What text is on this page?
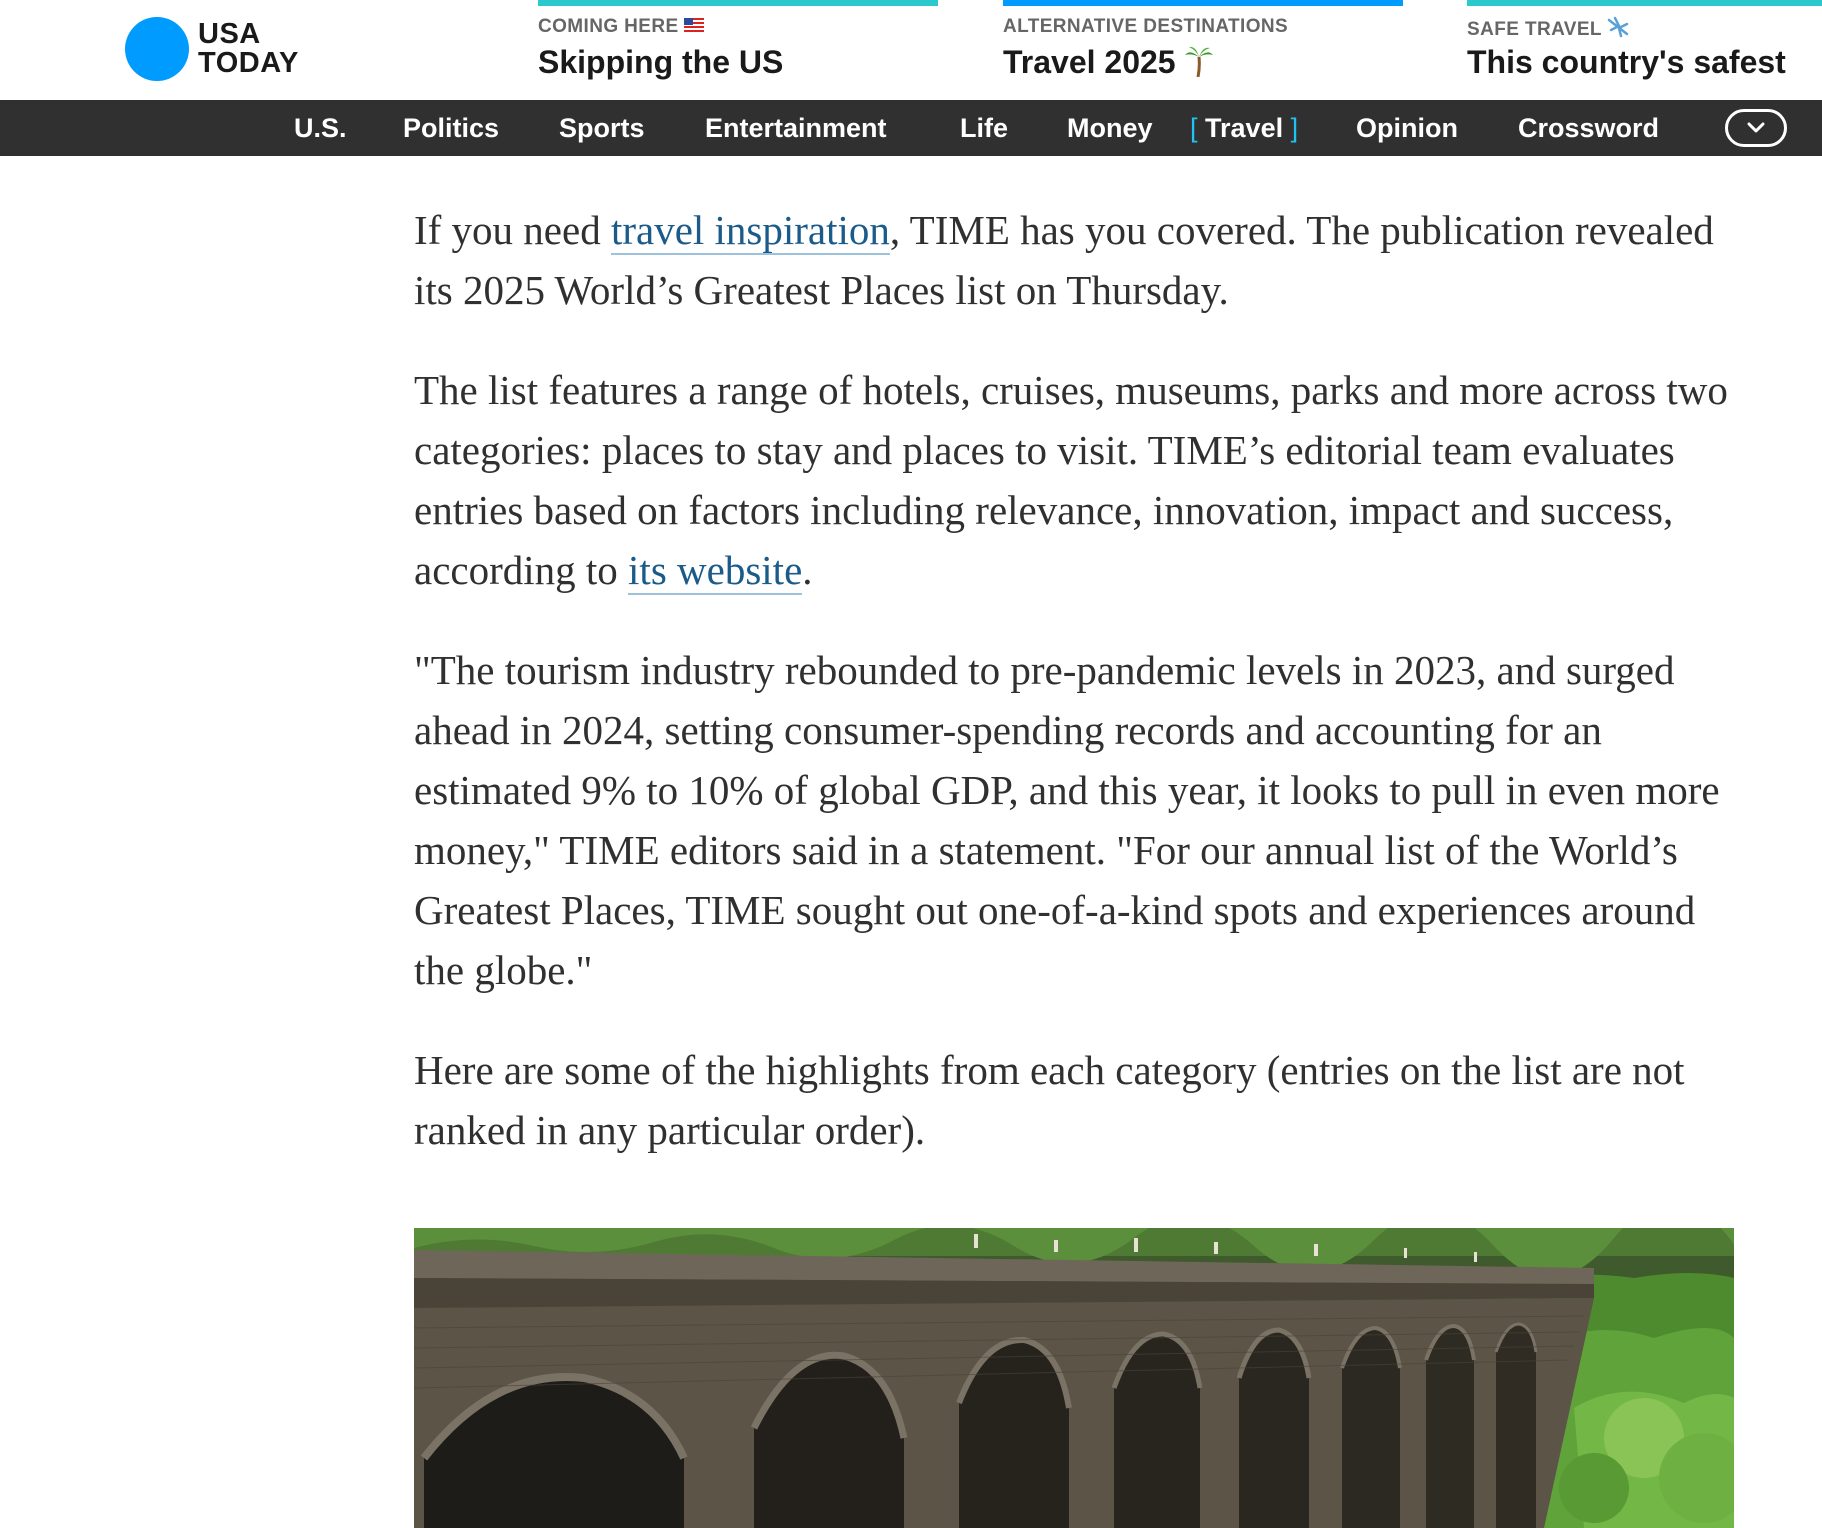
USA
TODAY
COMING HERE
Skipping the US
ALTERNATIVE DESTINATIONS
Travel 2025
SAFE TRAVEL
This country's safest
U.S. Politics Sports Entertainment	Life Money [ Travel ] Opinion Crossword

If you need travel inspiration, TIME has you covered. The publication revealed its 2025 World’s Greatest Places list on Thursday.

The list features a range of hotels, cruises, museums, parks and more across two categories: places to stay and places to visit. TIME’s editorial team evaluates entries based on factors including relevance, innovation, impact and success, according to its website.

"The tourism industry rebounded to pre-pandemic levels in 2023, and surged ahead in 2024, setting consumer-spending records and accounting for an estimated 9% to 10% of global GDP, and this year, it looks to pull in even more money," TIME editors said in a statement. "For our annual list of the World’s Greatest Places, TIME sought out one-of-a-kind spots and experiences around the globe."

Here are some of the highlights from each category (entries on the list are not ranked in any particular order).
